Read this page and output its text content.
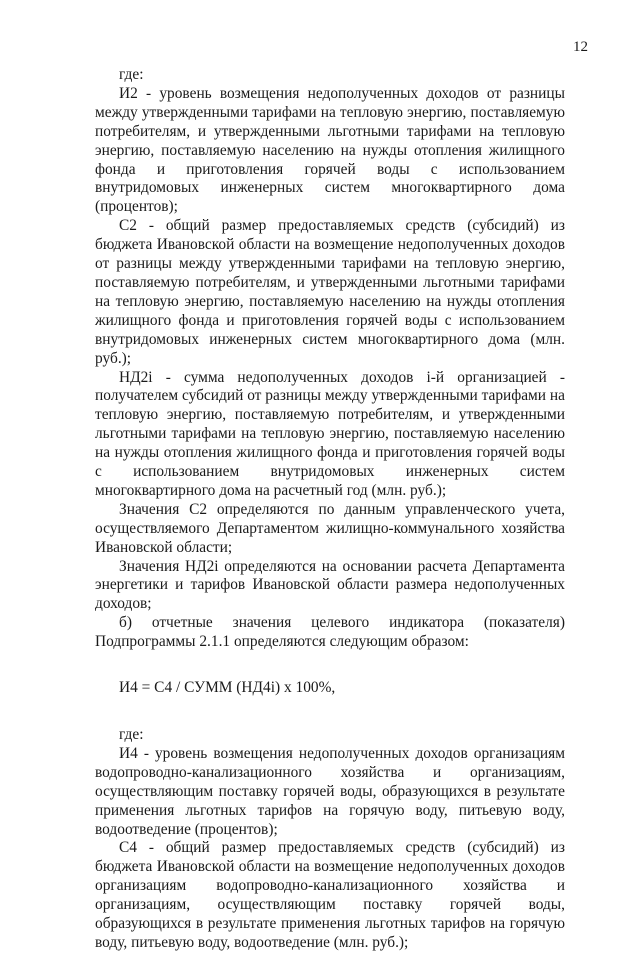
12

где:

И2 - уровень возмещения недополученных доходов от разницы между утвержденными тарифами на тепловую энергию, поставляемую потребителям, и утвержденными льготными тарифами на тепловую энергию, поставляемую населению на нужды отопления жилищного фонда и приготовления горячей воды с использованием внутридомовых инженерных систем многоквартирного дома (процентов);

С2 - общий размер предоставляемых средств (субсидий) из бюджета Ивановской области на возмещение недополученных доходов от разницы между утвержденными тарифами на тепловую энергию, поставляемую потребителям, и утвержденными льготными тарифами на тепловую энергию, поставляемую населению на нужды отопления жилищного фонда и приготовления горячей воды с использованием внутридомовых инженерных систем многоквартирного дома (млн. руб.);

НД2i - сумма недополученных доходов i-й организацией - получателем субсидий от разницы между утвержденными тарифами на тепловую энергию, поставляемую потребителям, и утвержденными льготными тарифами на тепловую энергию, поставляемую населению на нужды отопления жилищного фонда и приготовления горячей воды с использованием внутридомовых инженерных систем многоквартирного дома на расчетный год (млн. руб.);

Значения С2 определяются по данным управленческого учета, осуществляемого Департаментом жилищно-коммунального хозяйства Ивановской области;

Значения НД2i определяются на основании расчета Департамента энергетики и тарифов Ивановской области размера недополученных доходов;

б) отчетные значения целевого индикатора (показателя) Подпрограммы 2.1.1 определяются следующим образом:

И4 = С4 / СУММ (НД4i) x 100%,

где:

И4 - уровень возмещения недополученных доходов организациям водопроводно-канализационного хозяйства и организациям, осуществляющим поставку горячей воды, образующихся в результате применения льготных тарифов на горячую воду, питьевую воду, водоотведение (процентов);

С4 - общий размер предоставляемых средств (субсидий) из бюджета Ивановской области на возмещение недополученных доходов организациям водопроводно-канализационного хозяйства и организациям, осуществляющим поставку горячей воды, образующихся в результате применения льготных тарифов на горячую воду, питьевую воду, водоотведение (млн. руб.);
